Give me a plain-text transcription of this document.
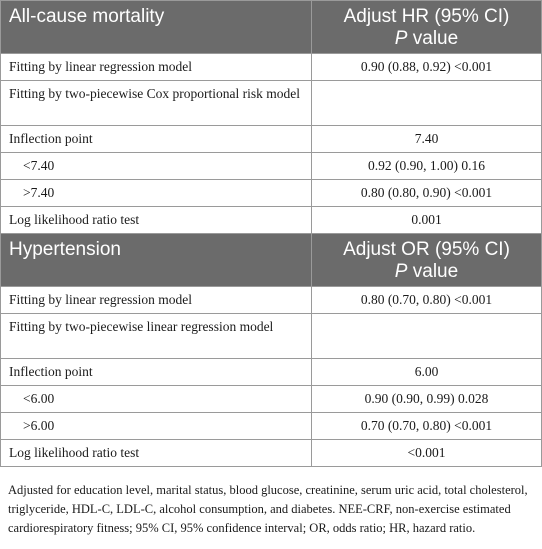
All-cause mortality	Adjust HR (95% CI)
P value

Fitting by linear regression model	0.90 (0.88, 0.92) <0.001
Fitting by two-piecewise Cox proportional risk model	
Inflection point	7.40
<7.40	0.92 (0.90, 1.00) 0.16
>7.40	0.80 (0.80, 0.90) <0.001
Log likelihood ratio test	0.001
Hypertension	Adjust OR (95% CI)
P value

Fitting by linear regression model	0.80 (0.70, 0.80) <0.001
Fitting by two-piecewise linear regression model	
Inflection point	6.00
<6.00	0.90 (0.90, 0.99) 0.028
>6.00	0.70 (0.70, 0.80) <0.001
Log likelihood ratio test	<0.001
Adjusted for education level, marital status, blood glucose, creatinine, serum uric acid, total cholesterol, triglyceride, HDL-C, LDL-C, alcohol consumption, and diabetes. NEE-CRF, non-exercise estimated cardiorespiratory fitness; 95% CI, 95% confidence interval; OR, odds ratio; HR, hazard ratio.
